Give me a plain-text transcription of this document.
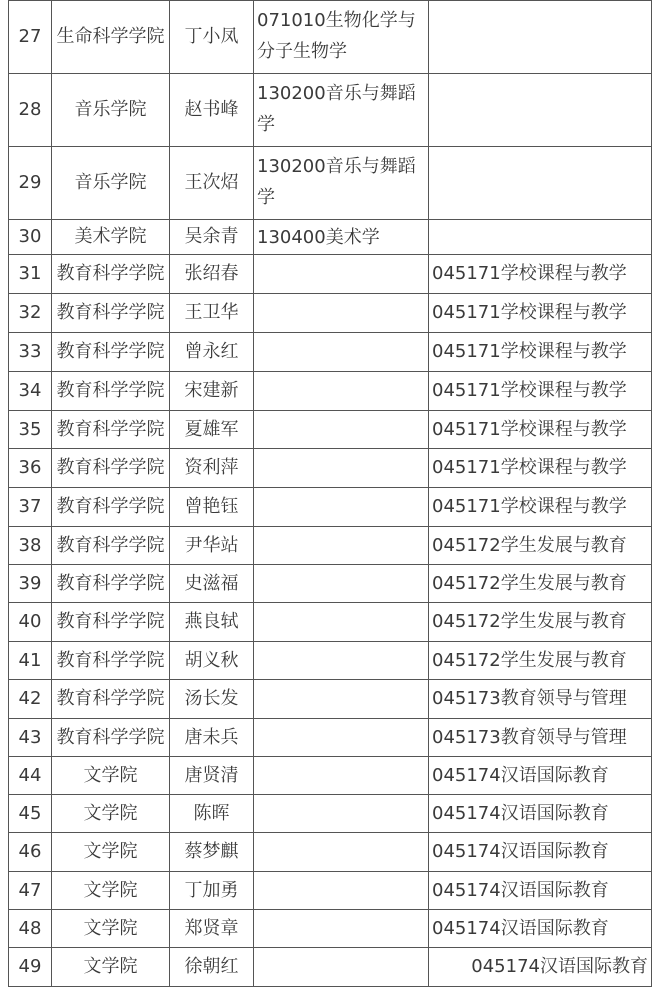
27	生命科学学院	丁小凤	071010生物化学与分子生物学	
28	音乐学院	赵书峰	130200音乐与舞蹈学	
29	音乐学院	王次炤	130200音乐与舞蹈学	
30	美术学院	吴余青	130400美术学	
31	教育科学学院	张绍春		045171学校课程与教学
32	教育科学学院	王卫华		045171学校课程与教学
33	教育科学学院	曾永红		045171学校课程与教学
34	教育科学学院	宋建新		045171学校课程与教学
35	教育科学学院	夏雄军		045171学校课程与教学
36	教育科学学院	资利萍		045171学校课程与教学
37	教育科学学院	曾艳钰		045171学校课程与教学
38	教育科学学院	尹华站		045172学生发展与教育
39	教育科学学院	史滋福		045172学生发展与教育
40	教育科学学院	燕良轼		045172学生发展与教育
41	教育科学学院	胡义秋		045172学生发展与教育
42	教育科学学院	汤长发		045173教育领导与管理
43	教育科学学院	唐未兵		045173教育领导与管理
44	文学院	唐贤清		045174汉语国际教育
45	文学院	陈晖		045174汉语国际教育
46	文学院	蔡梦麒		045174汉语国际教育
47	文学院	丁加勇		045174汉语国际教育
48	文学院	郑贤章		045174汉语国际教育
49	文学院	徐朝红		045174汉语国际教育
